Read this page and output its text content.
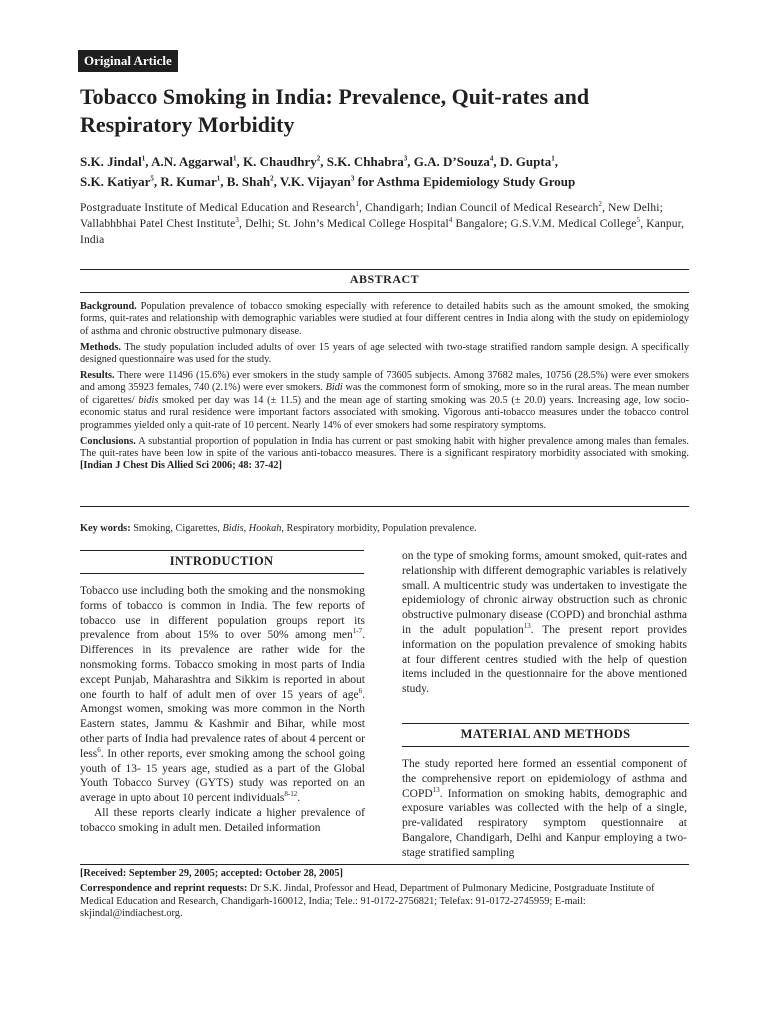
Original Article
Tobacco Smoking in India: Prevalence, Quit-rates and Respiratory Morbidity
S.K. Jindal$^1$, A.N. Aggarwal$^1$, K. Chaudhry$^2$, S.K. Chhabra$^3$, G.A. D’Souza$^4$, D. Gupta$^1$,
S.K. Katiyar$^5$, R. Kumar$^1$, B. Shah$^2$, V.K. Vijayan$^3$ for Asthma Epidemiology Study Group

Postgraduate Institute of Medical Education and Research$^1$, Chandigarh; Indian Council of Medical Research$^2$, New Delhi; Vallabhbhai Patel Chest Institute$^3$, Delhi; St. John’s Medical College Hospital$^4$ Bangalore; G.S.V.M. Medical College$^5$, Kanpur, India

ABSTRACT

Background. Population prevalence of tobacco smoking especially with reference to detailed habits such as the amount smoked, the smoking forms, quit-rates and relationship with demographic variables were studied at four different centres in India along with the study on epidemiology of asthma and chronic obstructive pulmonary disease.

Methods. The study population included adults of over 15 years of age selected with two-stage stratified random sample design. A specifically designed questionnaire was used for the study.

Results. There were 11496 (15.6%) ever smokers in the study sample of 73605 subjects. Among 37682 males, 10756 (28.5%) were ever smokers and among 35923 females, 740 (2.1%) were ever smokers. Bidi was the commonest form of smoking, more so in the rural areas. The mean number of cigarettes/ bidis smoked per day was 14 (± 11.5) and the mean age of starting smoking was 20.5 (± 20.0) years. Increasing age, low socio-economic status and rural residence were important factors associated with smoking. Vigorous anti-tobacco measures under the tobacco control programmes yielded only a quit-rate of 10 percent. Nearly 14% of ever smokers had some respiratory symptoms.

Conclusions. A substantial proportion of population in India has current or past smoking habit with higher prevalence among males than females. The quit-rates have been low in spite of the various anti-tobacco measures. There is a significant respiratory morbidity associated with smoking. [Indian J Chest Dis Allied Sci 2006; 48: 37-42]

Key words: Smoking, Cigarettes, Bidis, Hookah, Respiratory morbidity, Population prevalence.
INTRODUCTION

Tobacco use including both the smoking and the nonsmoking forms of tobacco is common in India. The few reports of tobacco use in different population groups report its prevalence from about 15% to over 50% among men$^{1-7}$. Differences in its prevalence are rather wide for the nonsmoking forms. Tobacco smoking in most parts of India except Punjab, Maharashtra and Sikkim is reported in about one fourth to half of adult men of over 15 years of age$^6$. Amongst women, smoking was more common in the North Eastern states, Jammu & Kashmir and Bihar, while most other parts of India had prevalence rates of about 4 percent or less$^6$. In other reports, ever smoking among the school going youth of 13- 15 years age, studied as a part of the Global Youth Tobacco Survey (GYTS) study was reported on an average in upto about 10 percent individuals$^{8-12}$.

All these reports clearly indicate a higher prevalence of tobacco smoking in adult men. Detailed information

on the type of smoking forms, amount smoked, quit-rates and relationship with different demographic variables is relatively small. A multicentric study was undertaken to investigate the epidemiology of chronic airway obstruction such as chronic obstructive pulmonary disease (COPD) and bronchial asthma in the adult population$^{13}$. The present report provides information on the population prevalence of smoking habits at four different centres studied with the help of question items included in the questionnaire for the above mentioned study.

MATERIAL AND METHODS

The study reported here formed an essential component of the comprehensive report on epidemiology of asthma and COPD$^{13}$. Information on smoking habits, demographic and exposure variables was collected with the help of a single, pre-validated respiratory symptom questionnaire at Bangalore, Chandigarh, Delhi and Kanpur employing a two-stage stratified sampling

[Received: September 29, 2005; accepted: October 28, 2005]

Correspondence and reprint requests: Dr S.K. Jindal, Professor and Head, Department of Pulmonary Medicine, Postgraduate Institute of Medical Education and Research, Chandigarh-160012, India; Tele.: 91-0172-2756821; Telefax: 91-0172-2745959; E-mail: skjindal@indiachest.org.
